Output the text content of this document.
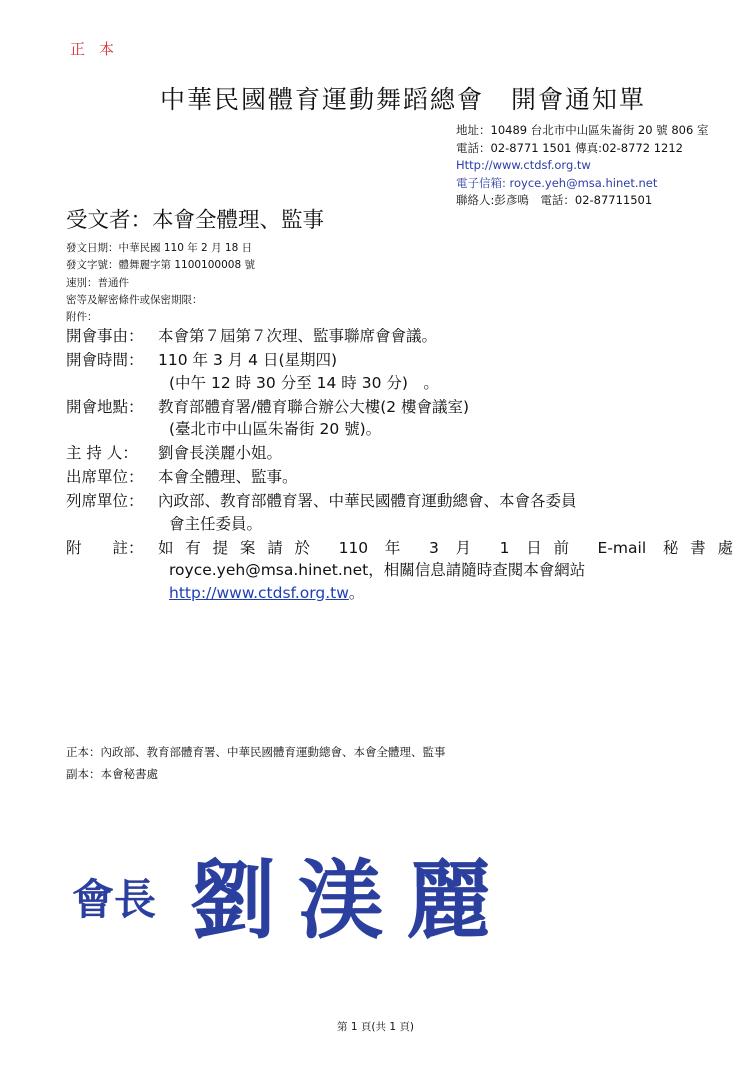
正本
中華民國體育運動舞蹈總會　開會通知單
地址：10489 台北市中山區朱崙街 20 號 806 室
電話：02-8771 1501 傳真:02-8772 1212
Http://www.ctdsf.org.tw
電子信箱: royce.yeh@msa.hinet.net
聯絡人:彭彥鳴　電話：02-87711501
受文者：本會全體理、監事
發文日期：中華民國 110 年 2 月 18 日
發文字號：體舞麗字第 1100100008 號
速別：普通件
密等及解密條件或保密期限：
附件：
開會事由： 本會第７屆第７次理、監事聯席會會議。
開會時間： 110 年 3 月 4 日(星期四)
(中午 12 時 30 分至 14 時 30 分)　。
開會地點： 教育部體育署/體育聯合辦公大樓(2 樓會議室)
(臺北市中山區朱崙街 20 號)。
主 持 人：	劉會長渼麗小姐。
出席單位： 本會全體理、監事。
列席單位： 內政部、教育部體育署、中華民國體育運動總會、本會各委員
會主任委員。
附　　註： 如有提案請於 110 年 3 月 1 日前 E-mail 秘書處
royce.yeh@msa.hinet.net，相關信息請隨時查閱本會網站
http://www.ctdsf.org.tw。
正本：內政部、教育部體育署、中華民國體育運動總會、本會全體理、監事
副本：本會秘書處
會長 劉渼麗
第 1 頁(共 1 頁)
